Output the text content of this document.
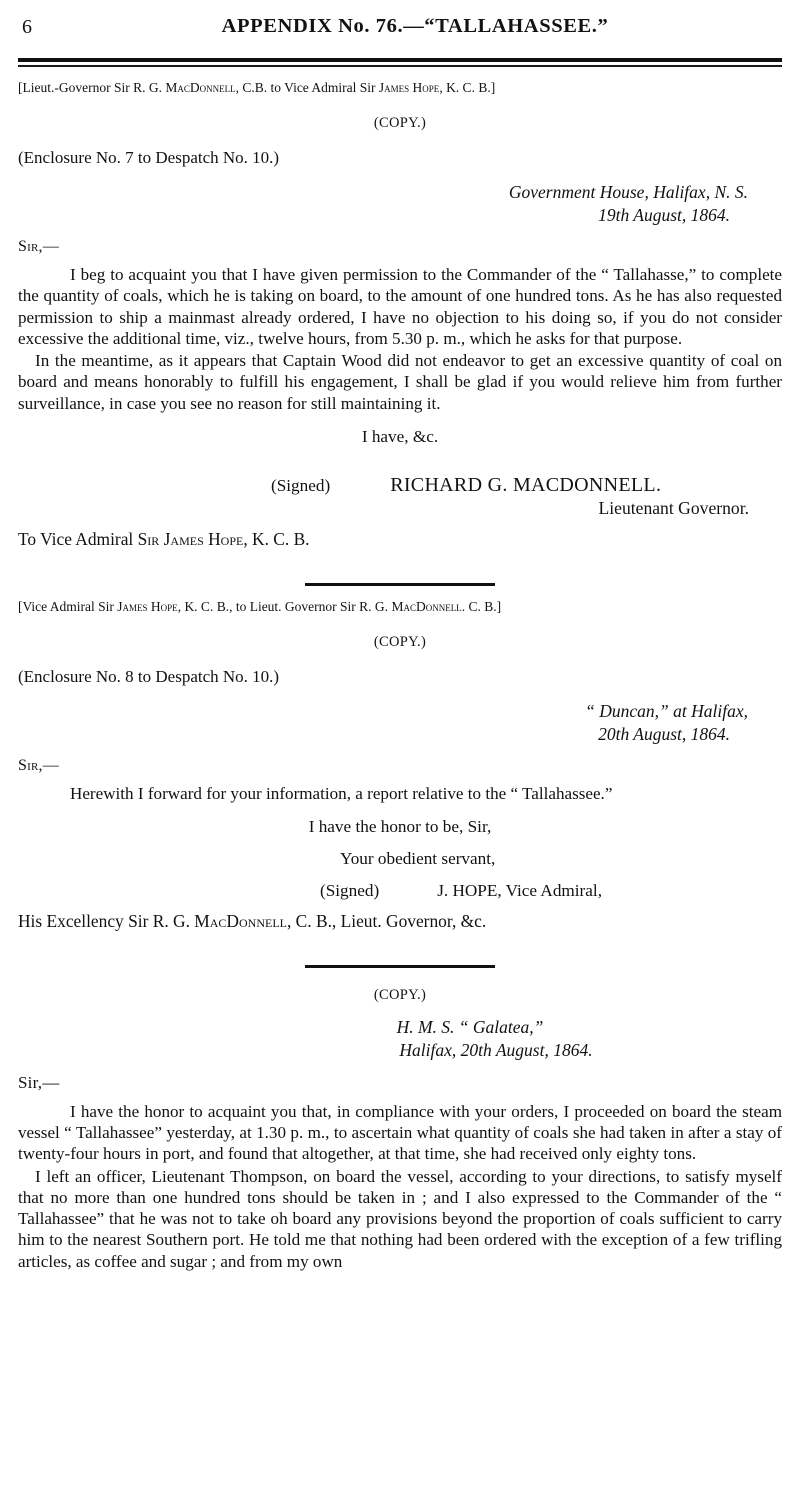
6	APPENDIX No. 76.—“TALLAHASSEE.”
[Lieut.-Governor Sir R. G. MacDonnell, C.B. to Vice Admiral Sir James Hope, K. C. B.]
(COPY.)
(Enclosure No. 7 to Despatch No. 10.)
Government House, Halifax, N. S.
19th August, 1864.
Sir,—

I beg to acquaint you that I have given permission to the Commander of the “ Tallahasse,” to complete the quantity of coals, which he is taking on board, to the amount of one hundred tons. As he has also requested permission to ship a mainmast already ordered, I have no objection to his doing so, if you do not consider excessive the additional time, viz., twelve hours, from 5.30 p. m., which he asks for that purpose.

In the meantime, as it appears that Captain Wood did not endeavor to get an excessive quantity of coal on board and means honorably to fulfill his engagement, I shall be glad if you would relieve him from further surveillance, in case you see no reason for still maintaining it.

I have, &c.
(Signed)	RICHARD G. MACDONNELL.
Lieutenant Governor.
To Vice Admiral Sir James Hope, K. C. B.
[Vice Admiral Sir James Hope, K. C. B., to Lieut. Governor Sir R. G. MacDonnell. C. B.]
(COPY.)
(Enclosure No. 8 to Despatch No. 10.)
“ Duncan,” at Halifax,
20th August, 1864.
Sir,—

Herewith I forward for your information, a report relative to the “ Tallahassee.”

I have the honor to be, Sir,
Your obedient servant,
(Signed)	J. HOPE, Vice Admiral,
His Excellency Sir R. G. MacDonnell, C. B., Lieut. Governor, &c.
(COPY.)
H. M. S. “ Galatea,”
Halifax, 20th August, 1864.
Sir,—

I have the honor to acquaint you that, in compliance with your orders, I proceeded on board the steam vessel “ Tallahassee” yesterday, at 1.30 p. m., to ascertain what quantity of coals she had taken in after a stay of twenty-four hours in port, and found that altogether, at that time, she had received only eighty tons.

I left an officer, Lieutenant Thompson, on board the vessel, according to your directions, to satisfy myself that no more than one hundred tons should be taken in ; and I also expressed to the Commander of the “ Tallahassee” that he was not to take oh board any provisions beyond the proportion of coals sufficient to carry him to the nearest Southern port. He told me that nothing had been ordered with the exception of a few trifling articles, as coffee and sugar ; and from my own
